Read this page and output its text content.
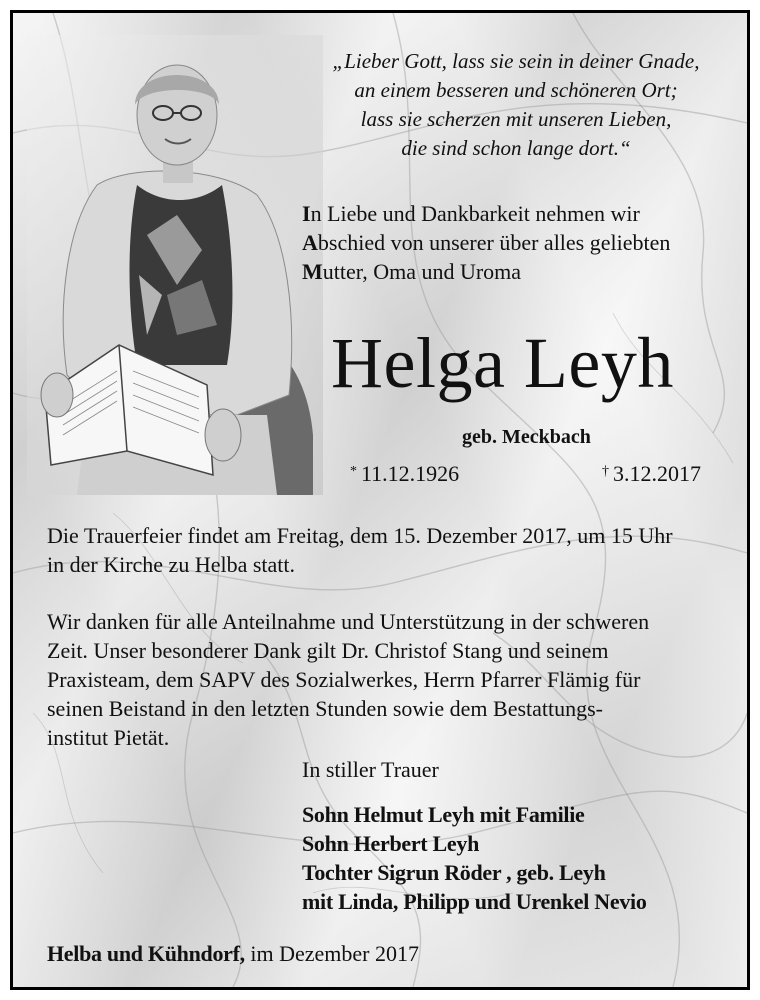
„Lieber Gott, lass sie sein in deiner Gnade,
an einem besseren und schöneren Ort;
lass sie scherzen mit unseren Lieben,
die sind schon lange dort.“
In Liebe und Dankbarkeit nehmen wir
Abschied von unserer über alles geliebten
Mutter, Oma und Uroma
Helga Leyh
geb. Meckbach
* 11.12.1926	† 3.12.2017
Die Trauerfeier findet am Freitag, dem 15. Dezember 2017, um 15 Uhr
in der Kirche zu Helba statt.
Wir danken für alle Anteilnahme und Unterstützung in der schweren
Zeit. Unser besonderer Dank gilt Dr. Christof Stang und seinem
Praxisteam, dem SAPV des Sozialwerkes, Herrn Pfarrer Flämig für
seinen Beistand in den letzten Stunden sowie dem Bestattungs-
institut Pietät.
In stiller Trauer
Sohn Helmut Leyh mit Familie
Sohn Herbert Leyh
Tochter Sigrun Röder , geb. Leyh
mit Linda, Philipp und Urenkel Nevio
Helba und Kühndorf, im Dezember 2017
